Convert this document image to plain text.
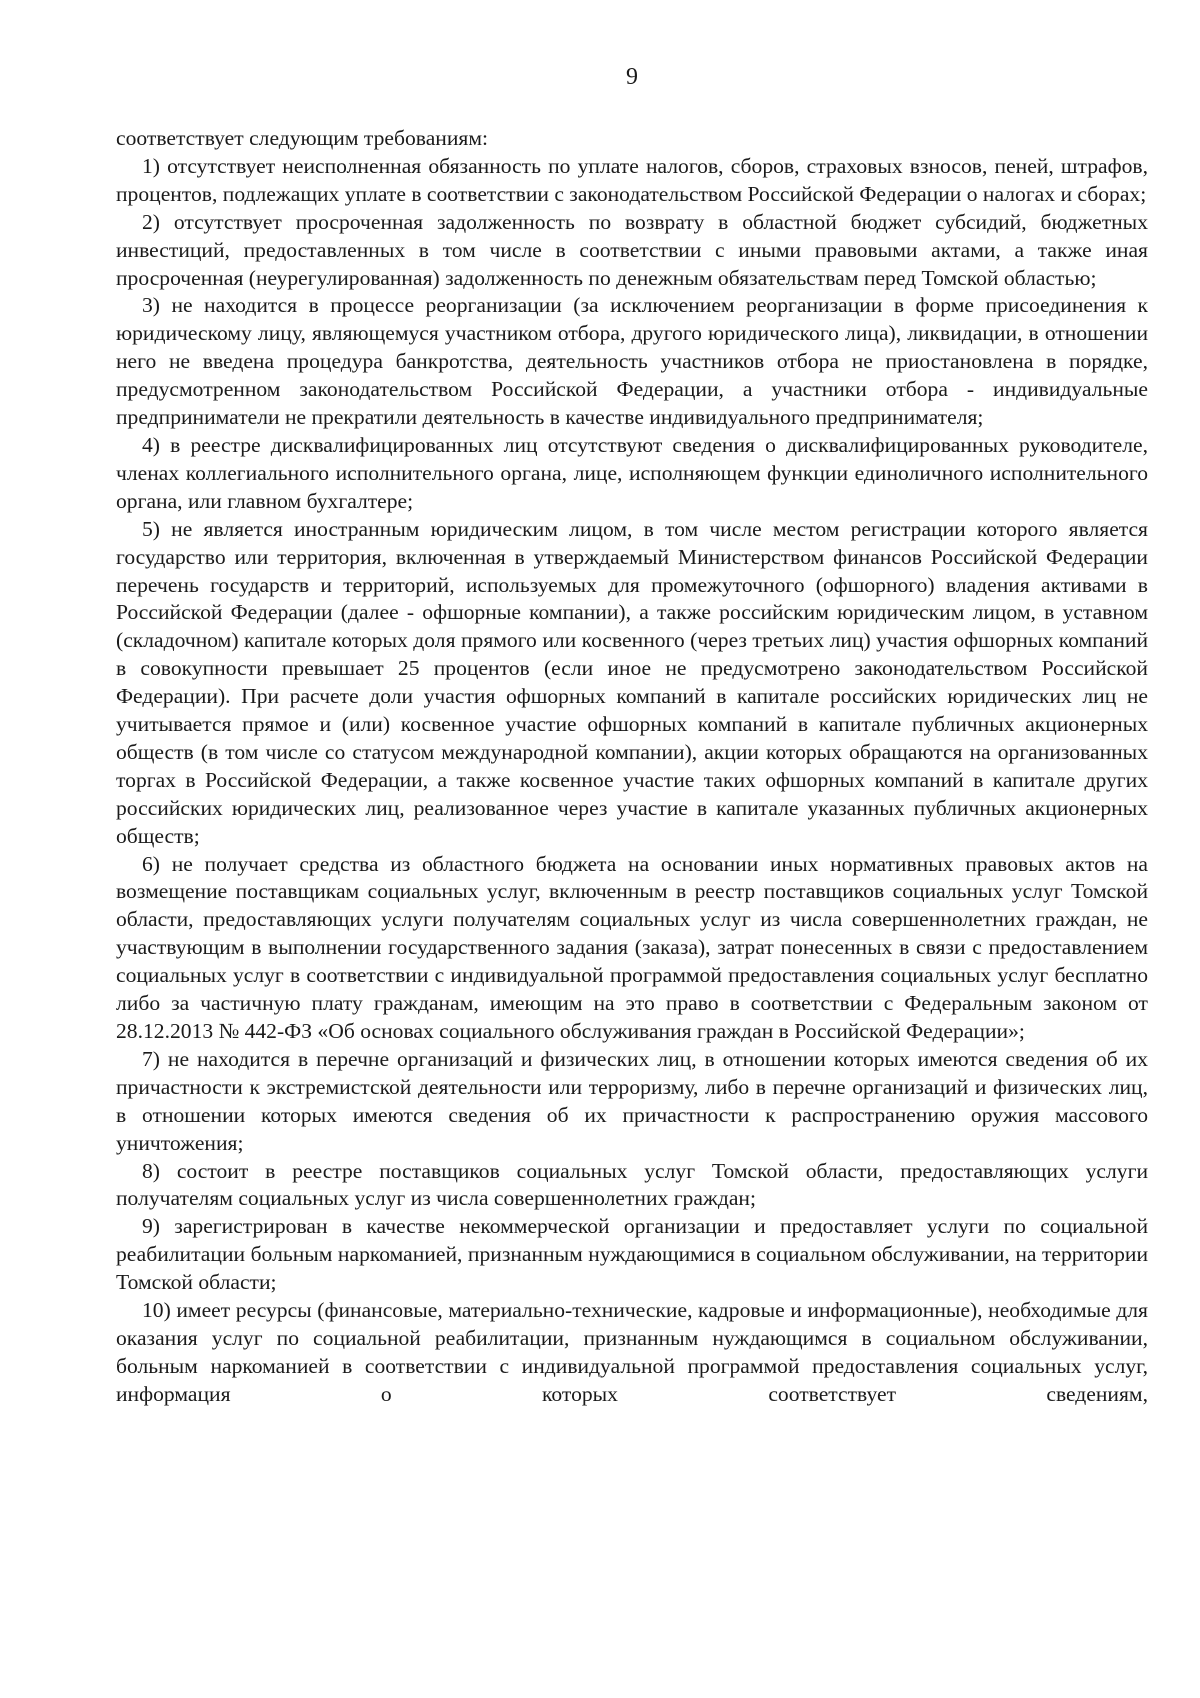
9

соответствует следующим требованиям:

1) отсутствует неисполненная обязанность по уплате налогов, сборов, страховых взносов, пеней, штрафов, процентов, подлежащих уплате в соответствии с законодательством Российской Федерации о налогах и сборах;

2) отсутствует просроченная задолженность по возврату в областной бюджет субсидий, бюджетных инвестиций, предоставленных в том числе в соответствии с иными правовыми актами, а также иная просроченная (неурегулированная) задолженность по денежным обязательствам перед Томской областью;

3) не находится в процессе реорганизации (за исключением реорганизации в форме присоединения к юридическому лицу, являющемуся участником отбора, другого юридического лица), ликвидации, в отношении него не введена процедура банкротства, деятельность участников отбора не приостановлена в порядке, предусмотренном законодательством Российской Федерации, а участники отбора - индивидуальные предприниматели не прекратили деятельность в качестве индивидуального предпринимателя;

4) в реестре дисквалифицированных лиц отсутствуют сведения о дисквалифицированных руководителе, членах коллегиального исполнительного органа, лице, исполняющем функции единоличного исполнительного органа, или главном бухгалтере;

5) не является иностранным юридическим лицом, в том числе местом регистрации которого является государство или территория, включенная в утверждаемый Министерством финансов Российской Федерации перечень государств и территорий, используемых для промежуточного (офшорного) владения активами в Российской Федерации (далее - офшорные компании), а также российским юридическим лицом, в уставном (складочном) капитале которых доля прямого или косвенного (через третьих лиц) участия офшорных компаний в совокупности превышает 25 процентов (если иное не предусмотрено законодательством Российской Федерации). При расчете доли участия офшорных компаний в капитале российских юридических лиц не учитывается прямое и (или) косвенное участие офшорных компаний в капитале публичных акционерных обществ (в том числе со статусом международной компании), акции которых обращаются на организованных торгах в Российской Федерации, а также косвенное участие таких офшорных компаний в капитале других российских юридических лиц, реализованное через участие в капитале указанных публичных акционерных обществ;

6) не получает средства из областного бюджета на основании иных нормативных правовых актов на возмещение поставщикам социальных услуг, включенным в реестр поставщиков социальных услуг Томской области, предоставляющих услуги получателям социальных услуг из числа совершеннолетних граждан, не участвующим в выполнении государственного задания (заказа), затрат понесенных в связи с предоставлением социальных услуг в соответствии с индивидуальной программой предоставления социальных услуг бесплатно либо за частичную плату гражданам, имеющим на это право в соответствии с Федеральным законом от 28.12.2013 № 442-ФЗ «Об основах социального обслуживания граждан в Российской Федерации»;

7) не находится в перечне организаций и физических лиц, в отношении которых имеются сведения об их причастности к экстремистской деятельности или терроризму, либо в перечне организаций и физических лиц, в отношении которых имеются сведения об их причастности к распространению оружия массового уничтожения;

8) состоит в реестре поставщиков социальных услуг Томской области, предоставляющих услуги получателям социальных услуг из числа совершеннолетних граждан;

9) зарегистрирован в качестве некоммерческой организации и предоставляет услуги по социальной реабилитации больным наркоманией, признанным нуждающимися в социальном обслуживании, на территории Томской области;

10) имеет ресурсы (финансовые, материально-технические, кадровые и информационные), необходимые для оказания услуг по социальной реабилитации, признанным нуждающимся в социальном обслуживании, больным наркоманией в соответствии с индивидуальной программой предоставления социальных услуг, информация о которых соответствует сведениям,
